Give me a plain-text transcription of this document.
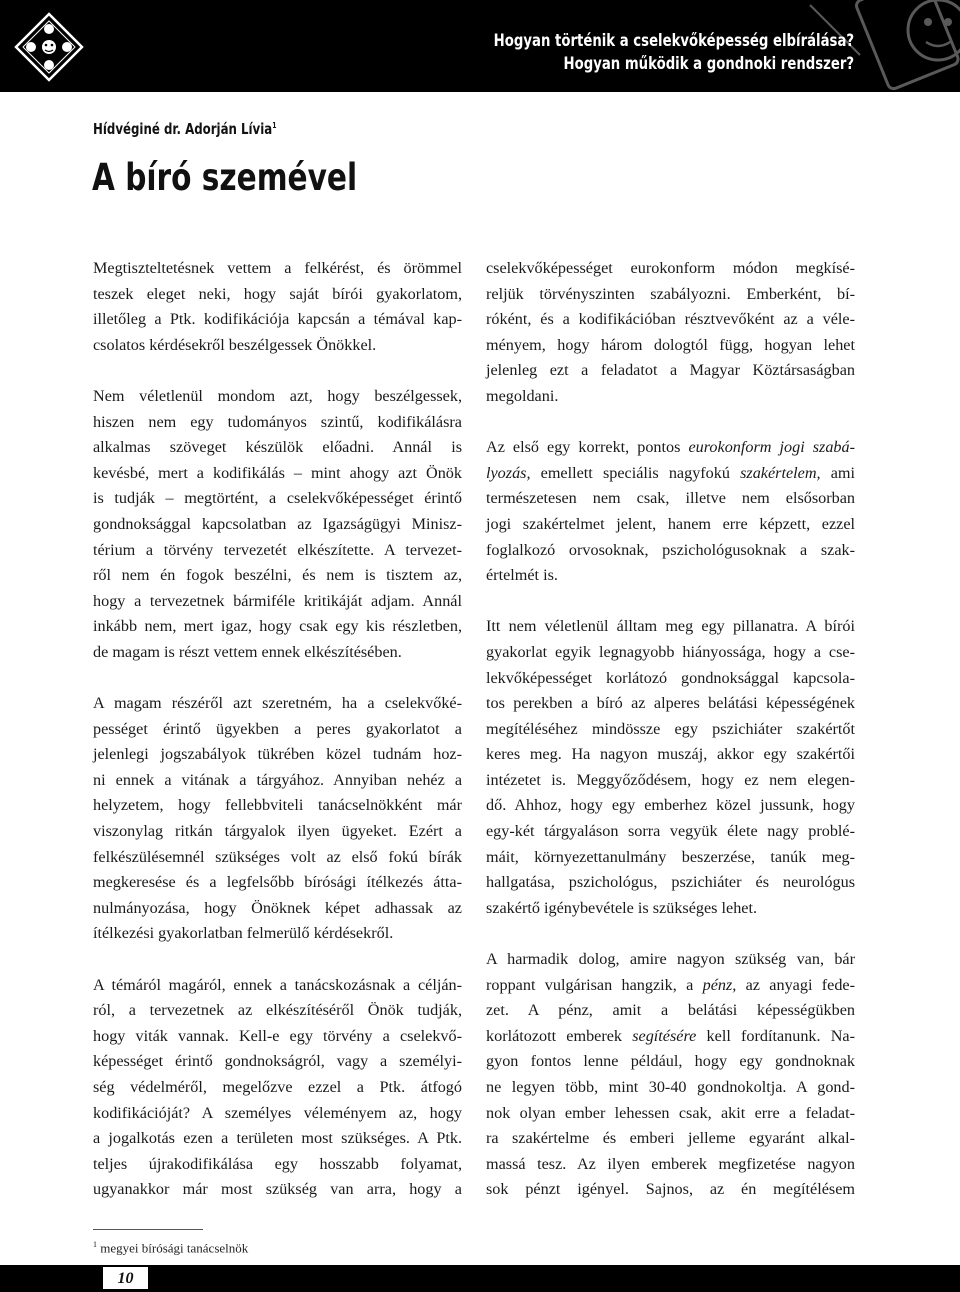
Hogyan történik a cselekvőképesség elbírálása?
Hogyan működik a gondnoki rendszer?
Hídvéginé dr. Adorján Lívia$^1$
A bíró szemével

Megtiszteltetésnek vettem a felkérést, és örömmel
teszek eleget neki, hogy saját bírói gyakorlatom,
illetőleg a Ptk. kodifikációja kapcsán a témával kap-
csolatos kérdésekről beszélgessek Önökkel.

Nem véletlenül mondom azt, hogy beszélgessek,
hiszen nem egy tudományos szintű, kodifikálásra
alkalmas szöveget készülök előadni. Annál is
kevésbé, mert a kodifikálás – mint ahogy azt Önök
is tudják – megtörtént, a cselekvőképességet érintő
gondnoksággal kapcsolatban az Igazságügyi Minisz-
térium a törvény tervezetét elkészítette. A tervezet-
ről nem én fogok beszélni, és nem is tisztem az,
hogy a tervezetnek bármiféle kritikáját adjam. Annál
inkább nem, mert igaz, hogy csak egy kis részletben,
de magam is részt vettem ennek elkészítésében.

A magam részéről azt szeretném, ha a cselekvőké-
pességet érintő ügyekben a peres gyakorlatot a
jelenlegi jogszabályok tükrében közel tudnám hoz-
ni ennek a vitának a tárgyához. Annyiban nehéz a
helyzetem, hogy fellebbviteli tanácselnökként már
viszonylag ritkán tárgyalok ilyen ügyeket. Ezért a
felkészülésemnél szükséges volt az első fokú bírák
megkeresése és a legfelsőbb bírósági ítélkezés átta-
nulmányozása, hogy Önöknek képet adhassak az
ítélkezési gyakorlatban felmerülő kérdésekről.

A témáról magáról, ennek a tanácskozásnak a célján-
ról, a tervezetnek az elkészítéséről Önök tudják,
hogy viták vannak. Kell-e egy törvény a cselekvő-
képességet érintő gondnokságról, vagy a személyi-
ség védelméről, megelőzve ezzel a Ptk. átfogó
kodifikációját? A személyes véleményem az, hogy
a jogalkotás ezen a területen most szükséges. A Ptk.
teljes újrakodifikálása egy hosszabb folyamat,
ugyanakkor már most szükség van arra, hogy a

cselekvőképességet eurokonform módon megkísé-
reljük törvényszinten szabályozni. Emberként, bí-
róként, és a kodifikációban résztvevőként az a véle-
ményem, hogy három dologtól függ, hogyan lehet
jelenleg ezt a feladatot a Magyar Köztársaságban
megoldani.

Az első egy korrekt, pontos eurokonform jogi szabá-
lyozás, emellett speciális nagyfokú szakértelem, ami
természetesen nem csak, illetve nem elsősorban
jogi szakértelmet jelent, hanem erre képzett, ezzel
foglalkozó orvosoknak, pszichológusoknak a szak-
értelmét is.

Itt nem véletlenül álltam meg egy pillanatra. A bírói
gyakorlat egyik legnagyobb hiányossága, hogy a cse-
lekvőképességet korlátozó gondnoksággal kapcsola-
tos perekben a bíró az alperes belátási képességének
megítéléséhez mindössze egy pszichiáter szakértőt
keres meg. Ha nagyon muszáj, akkor egy szakértői
intézetet is. Meggyőződésem, hogy ez nem elegen-
dő. Ahhoz, hogy egy emberhez közel jussunk, hogy
egy-két tárgyaláson sorra vegyük élete nagy problé-
máit, környezettanulmány beszerzése, tanúk meg-
hallgatása, pszichológus, pszichiáter és neurológus
szakértő igénybevétele is szükséges lehet.

A harmadik dolog, amire nagyon szükség van, bár
roppant vulgárisan hangzik, a pénz, az anyagi fede-
zet. A pénz, amit a belátási képességükben
korlátozott emberek segítésére kell fordítanunk. Na-
gyon fontos lenne például, hogy egy gondnoknak
ne legyen több, mint 30-40 gondnokoltja. A gond-
nok olyan ember lehessen csak, akit erre a feladat-
ra szakértelme és emberi jelleme egyaránt alkal-
massá tesz. Az ilyen emberek megfizetése nagyon
sok pénzt igényel. Sajnos, az én megítélésem

$^1$ megyei bírósági tanácselnök
10
